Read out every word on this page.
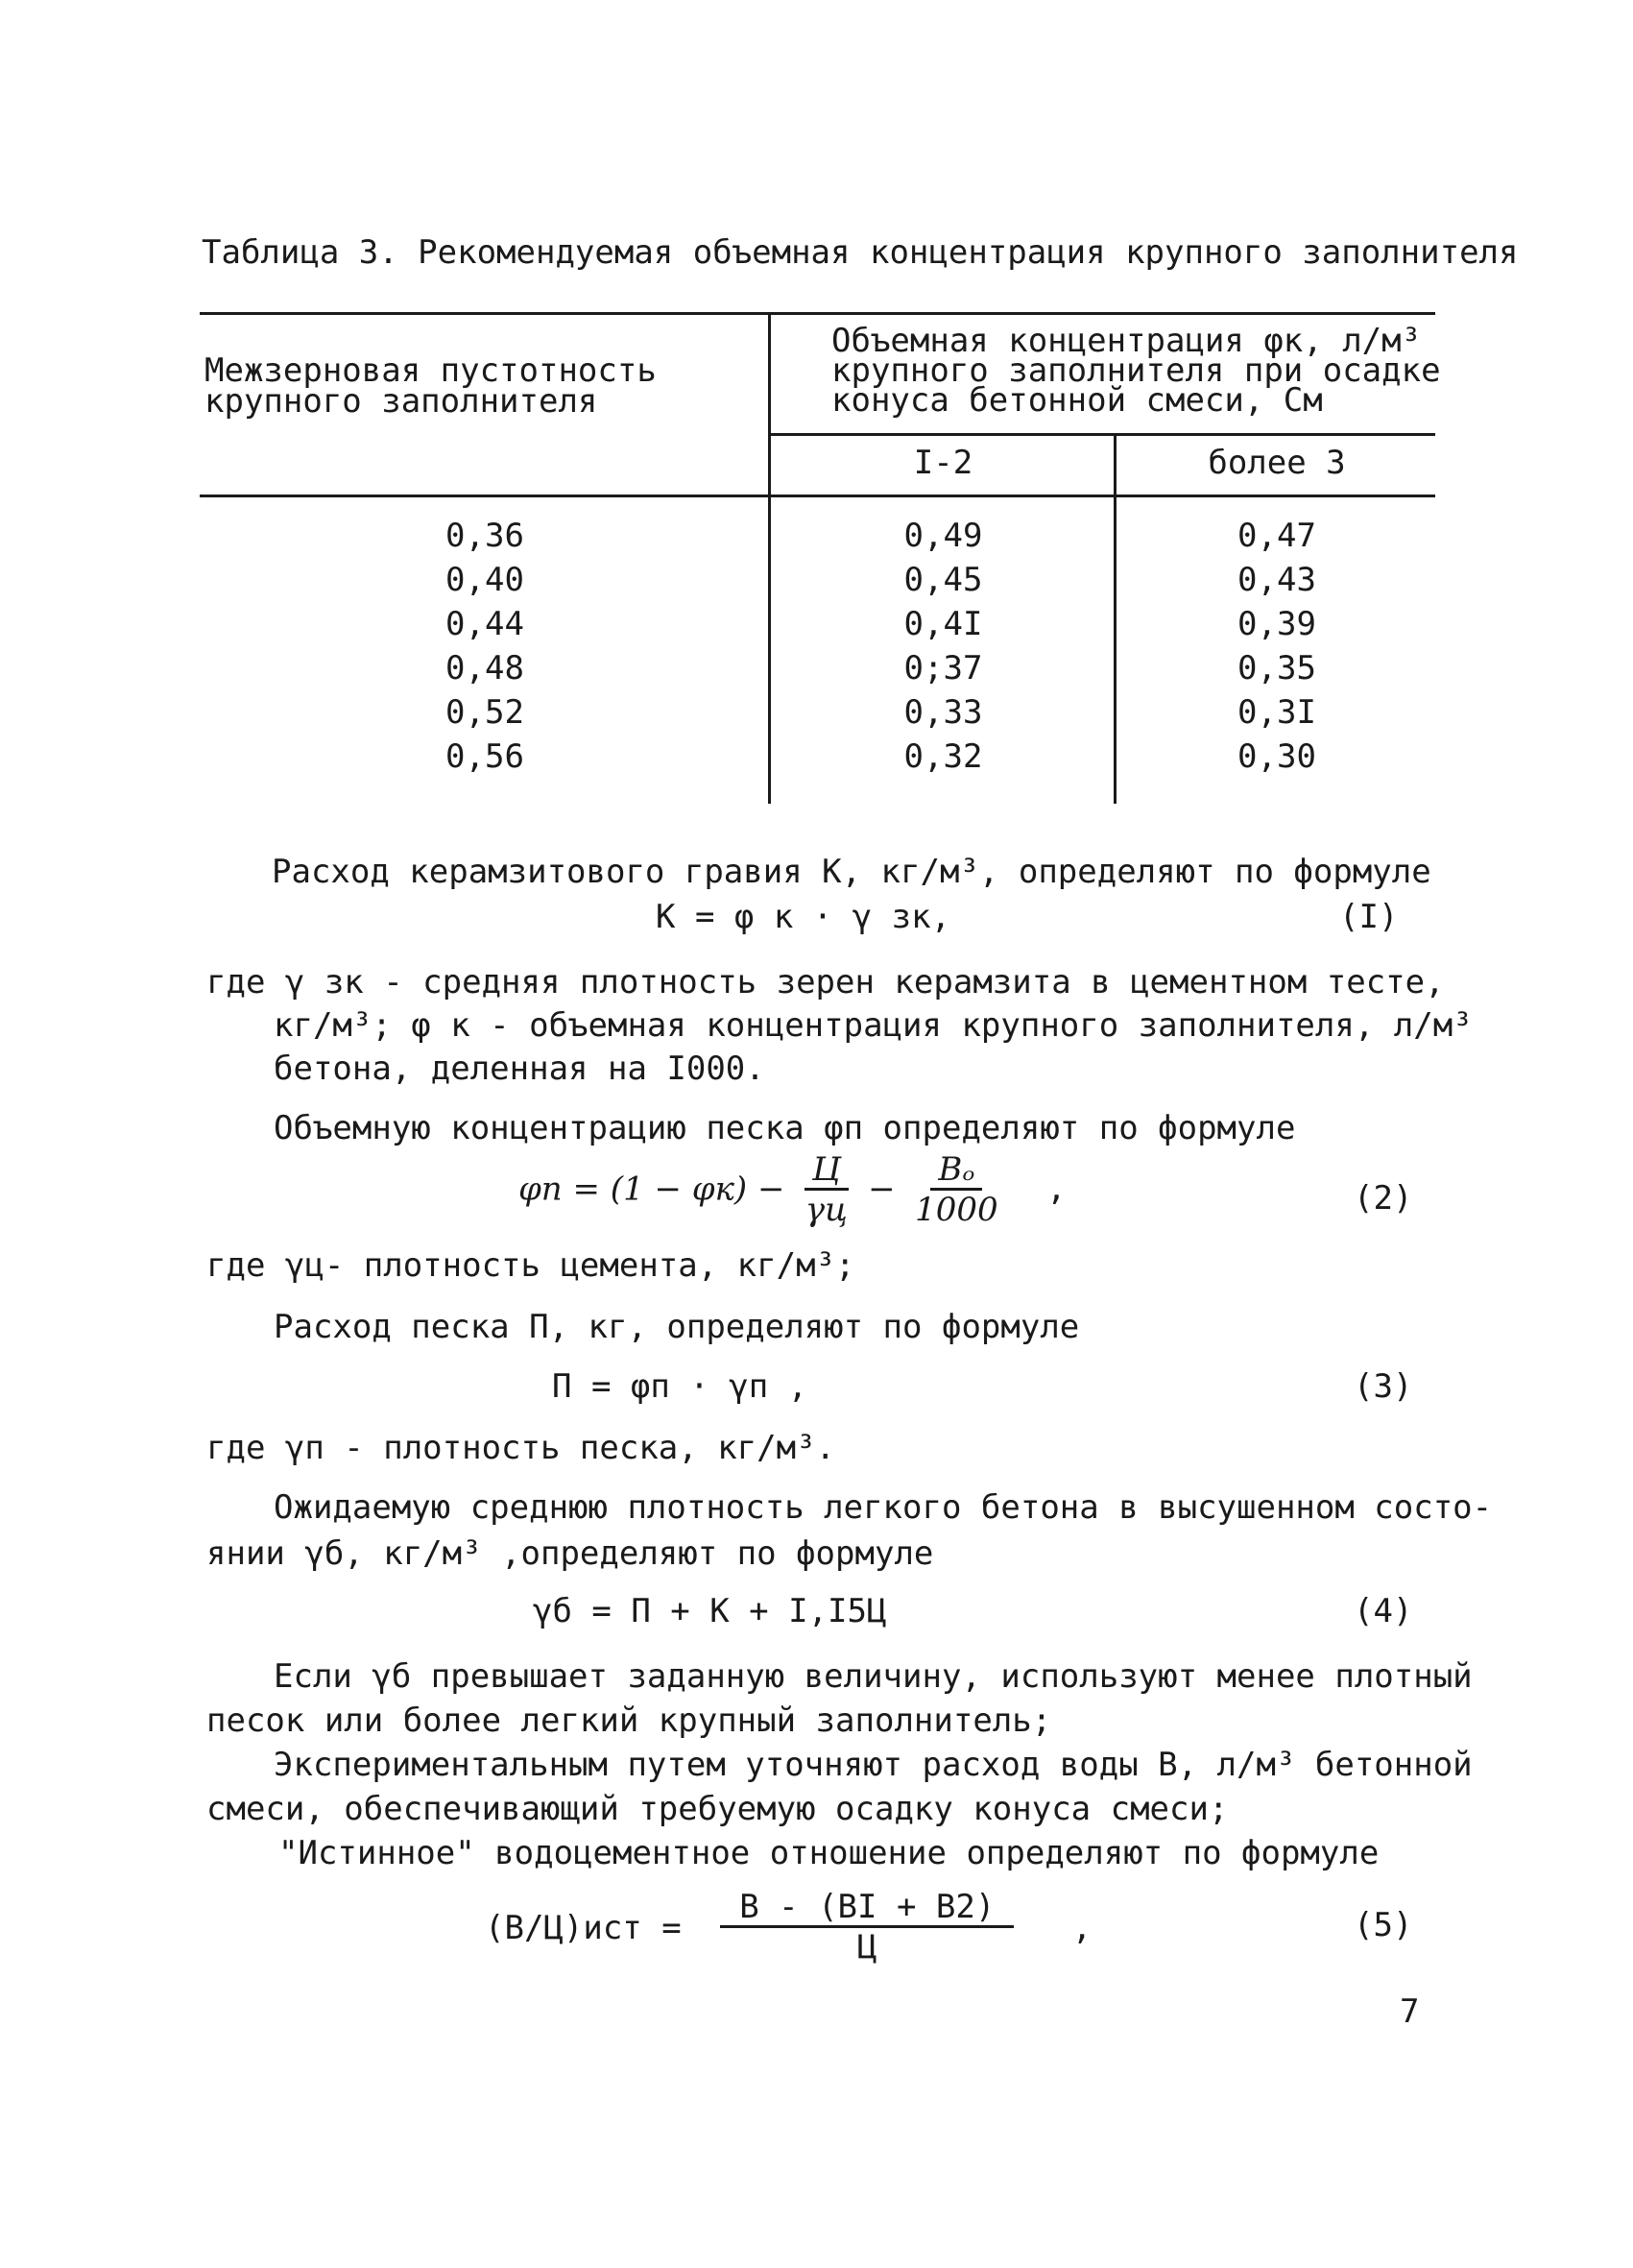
Таблица 3. Рекомендуемая объемная концентрация крупного заполнителя
Межзерновая пустотность
крупного заполнителя
Объемная концентрация φк, л/м³
крупного заполнителя при осадке
конуса бетонной смеси, См
I-2	более 3
0,36	0,49	0,47
0,40	0,45	0,43
0,44	0,4I	0,39
0,48	0;37	0,35
0,52	0,33	0,3I
0,56	0,32	0,30
Расход керамзитового гравия К, кг/м³, определяют по формуле
К = φ к · γ зк,	(I)
где γ зк - средняя плотность зерен керамзита в цементном тесте,
кг/м³; φ к - объемная концентрация крупного заполнителя, л/м³
бетона, деленная на I000.
Объемную концентрацию песка φп определяют по формуле
$\varphi п = (1 - \varphi к) - \frac{Ц}{\gamma ц} - \frac{\text{Вₒ}}{1000}$ ,	(2)
где γц- плотность цемента, кг/м³;
Расход песка П, кг, определяют по формуле
П = φп · γп ,	(3)
где γп - плотность песка, кг/м³.
Ожидаемую среднюю плотность легкого бетона в высушенном состо-
янии γб, кг/м³ ,определяют по формуле
γб = П + К + I,I5Ц	(4)
Если γб превышает заданную величину, используют менее плотный
песок или более легкий крупный заполнитель;
Экспериментальным путем уточняют расход воды В, л/м³ бетонной
смеси, обеспечивающий требуемую осадку конуса смеси;
"Истинное" водоцементное отношение определяют по формуле
$(В/Ц)ист = \frac{В - (ВI + В2)}{Ц}$ ,	(5)
7
